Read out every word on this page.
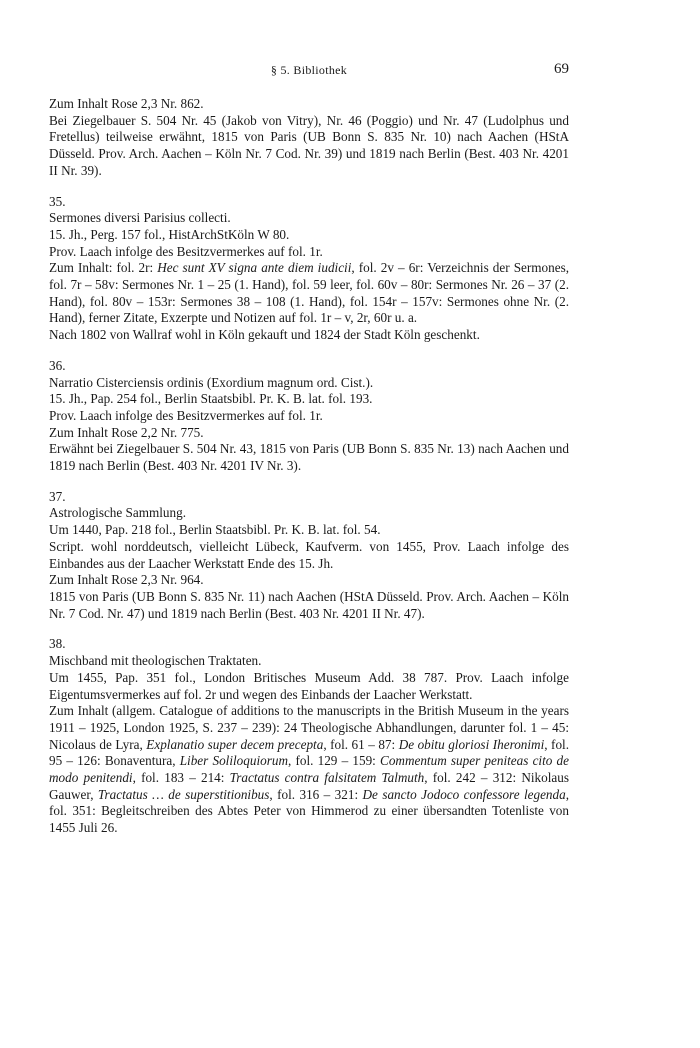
§ 5. Bibliothek	69
Zum Inhalt Rose 2,3 Nr. 862.
Bei Ziegelbauer S. 504 Nr. 45 (Jakob von Vitry), Nr. 46 (Poggio) und Nr. 47 (Ludolphus und Fretellus) teilweise erwähnt, 1815 von Paris (UB Bonn S. 835 Nr. 10) nach Aachen (HStA Düsseld. Prov. Arch. Aachen – Köln Nr. 7 Cod. Nr. 39) und 1819 nach Berlin (Best. 403 Nr. 4201 II Nr. 39).
35.
Sermones diversi Parisius collecti.
15. Jh., Perg. 157 fol., HistArchStKöln W 80.
Prov. Laach infolge des Besitzvermerkes auf fol. 1r.
Zum Inhalt: fol. 2r: Hec sunt XV signa ante diem iudicii, fol. 2v – 6r: Verzeichnis der Sermones, fol. 7r – 58v: Sermones Nr. 1 – 25 (1. Hand), fol. 59 leer, fol. 60v – 80r: Sermones Nr. 26 – 37 (2. Hand), fol. 80v – 153r: Sermones 38 – 108 (1. Hand), fol. 154r – 157v: Sermones ohne Nr. (2. Hand), ferner Zitate, Exzerpte und Notizen auf fol. 1r – v, 2r, 60r u. a.
Nach 1802 von Wallraf wohl in Köln gekauft und 1824 der Stadt Köln geschenkt.
36.
Narratio Cisterciensis ordinis (Exordium magnum ord. Cist.).
15. Jh., Pap. 254 fol., Berlin Staatsbibl. Pr. K. B. lat. fol. 193.
Prov. Laach infolge des Besitzvermerkes auf fol. 1r.
Zum Inhalt Rose 2,2 Nr. 775.
Erwähnt bei Ziegelbauer S. 504 Nr. 43, 1815 von Paris (UB Bonn S. 835 Nr. 13) nach Aachen und 1819 nach Berlin (Best. 403 Nr. 4201 IV Nr. 3).
37.
Astrologische Sammlung.
Um 1440, Pap. 218 fol., Berlin Staatsbibl. Pr. K. B. lat. fol. 54.
Script. wohl norddeutsch, vielleicht Lübeck, Kaufverm. von 1455, Prov. Laach infolge des Einbandes aus der Laacher Werkstatt Ende des 15. Jh.
Zum Inhalt Rose 2,3 Nr. 964.
1815 von Paris (UB Bonn S. 835 Nr. 11) nach Aachen (HStA Düsseld. Prov. Arch. Aachen – Köln Nr. 7 Cod. Nr. 47) und 1819 nach Berlin (Best. 403 Nr. 4201 II Nr. 47).
38.
Mischband mit theologischen Traktaten.
Um 1455, Pap. 351 fol., London Britisches Museum Add. 38 787. Prov. Laach infolge Eigentumsvermerkes auf fol. 2r und wegen des Einbands der Laacher Werkstatt.
Zum Inhalt (allgem. Catalogue of additions to the manuscripts in the British Museum in the years 1911 – 1925, London 1925, S. 237 – 239): 24 Theologische Abhandlungen, darunter fol. 1 – 45: Nicolaus de Lyra, Explanatio super decem precepta, fol. 61 – 87: De obitu gloriosi Iheronimi, fol. 95 – 126: Bonaventura, Liber Soliloquiorum, fol. 129 – 159: Commentum super peniteas cito de modo penitendi, fol. 183 – 214: Tractatus contra falsitatem Talmuth, fol. 242 – 312: Nikolaus Gauwer, Tractatus … de superstitionibus, fol. 316 – 321: De sancto Jodoco confessore legenda, fol. 351: Begleitschreiben des Abtes Peter von Himmerod zu einer übersandten Totenliste von 1455 Juli 26.
